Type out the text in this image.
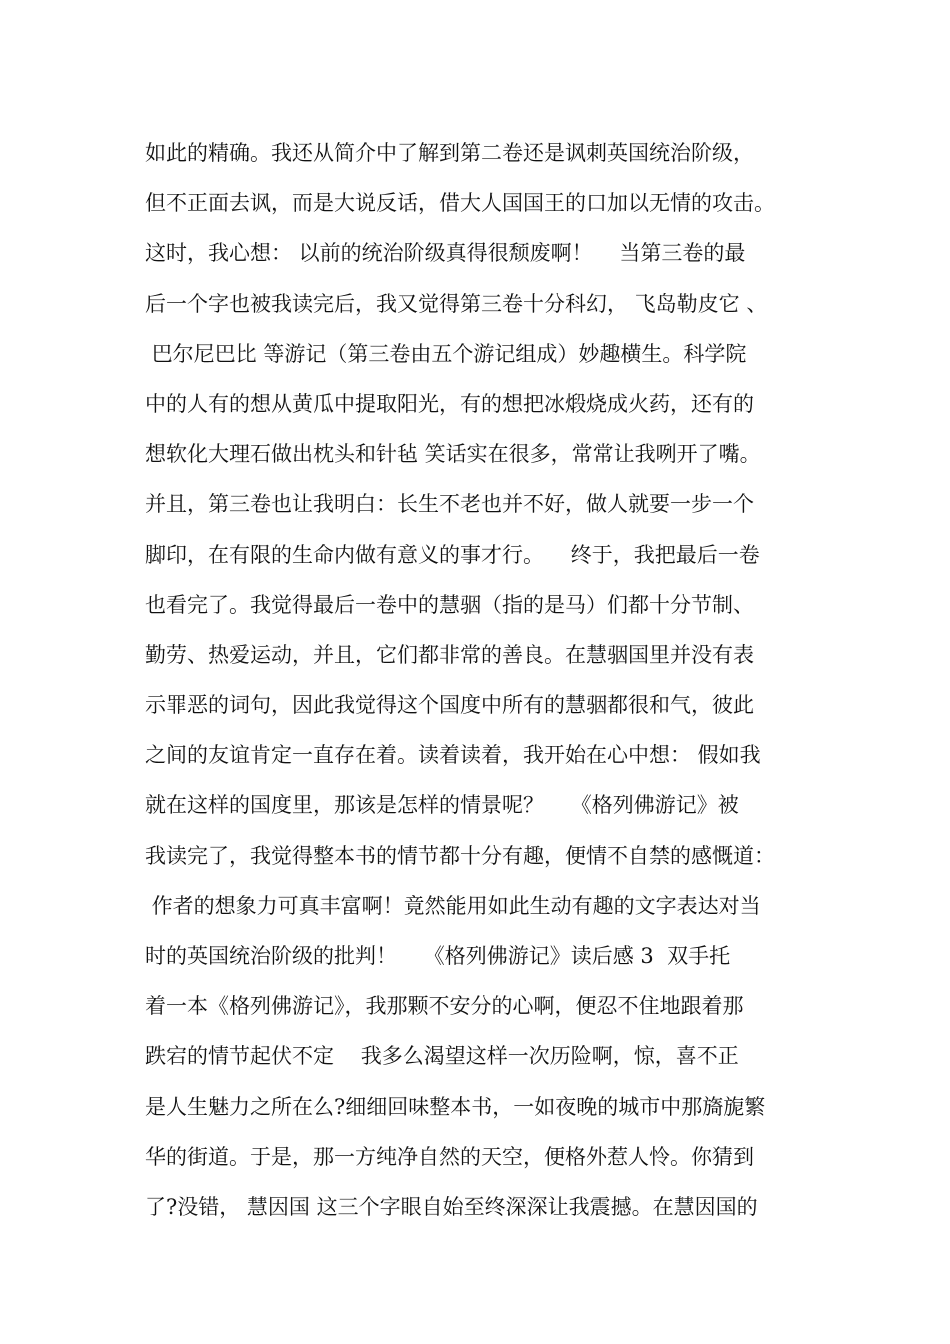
如此的精确。我还从简介中了解到第二卷还是讽刺英国统治阶级，
但不正面去讽，而是大说反话，借大人国国王的口加以无情的攻击。
这时，我心想： 以前的统治阶级真得很颓废啊！    当第三卷的最
后一个字也被我读完后，我又觉得第三卷十分科幻， 飞岛勒皮它 、
巴尔尼巴比 等游记（第三卷由五个游记组成）妙趣横生。科学院
中的人有的想从黄瓜中提取阳光，有的想把冰煅烧成火药，还有的
想软化大理石做出枕头和针毡 笑话实在很多，常常让我咧开了嘴。
并且，第三卷也让我明白：长生不老也并不好，做人就要一步一个
脚印，在有限的生命内做有意义的事才行。    终于，我把最后一卷
也看完了。我觉得最后一卷中的慧骃（指的是马）们都十分节制、
勤劳、热爱运动，并且，它们都非常的善良。在慧骃国里并没有表
示罪恶的词句，因此我觉得这个国度中所有的慧骃都很和气，彼此
之间的友谊肯定一直存在着。读着读着，我开始在心中想： 假如我
就在这样的国度里，那该是怎样的情景呢？    《格列佛游记》被
我读完了，我觉得整本书的情节都十分有趣，便情不自禁的感慨道：
作者的想象力可真丰富啊！竟然能用如此生动有趣的文字表达对当
时的英国统治阶级的批判！    《格列佛游记》读后感 3  双手托
着一本《格列佛游记》，我那颗不安分的心啊，便忍不住地跟着那
跌宕的情节起伏不定    我多么渴望这样一次历险啊，惊，喜不正
是人生魅力之所在么?细细回味整本书，一如夜晚的城市中那旖旎繁
华的街道。于是，那一方纯净自然的天空，便格外惹人怜。你猜到
了?没错， 慧因国 这三个字眼自始至终深深让我震撼。在慧因国的
